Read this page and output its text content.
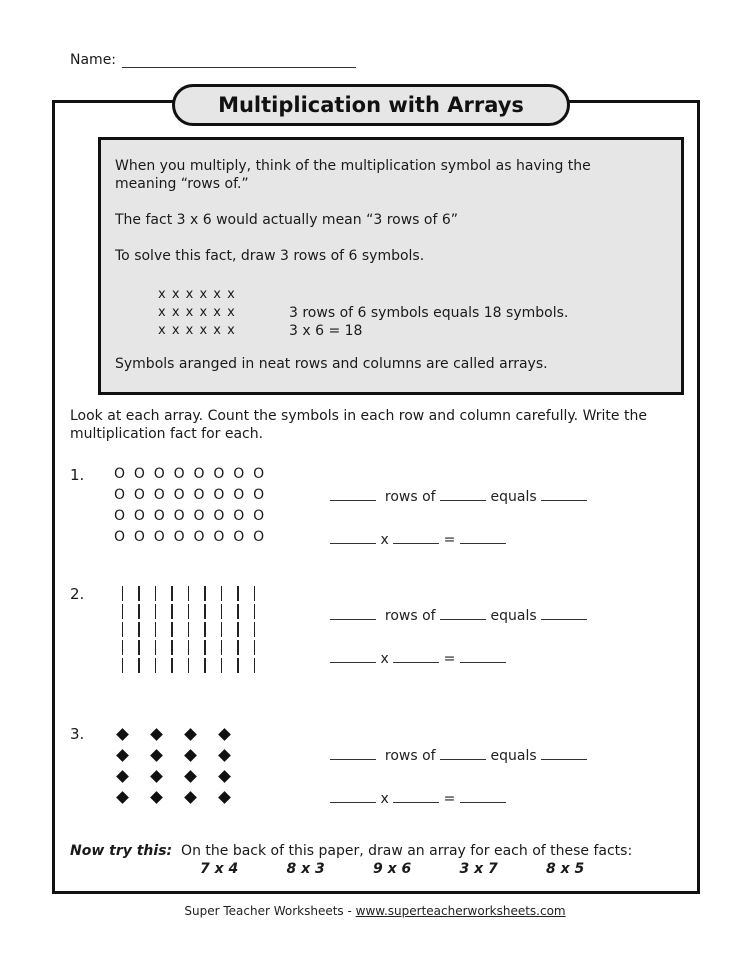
Name:
Multiplication with Arrays
When you multiply, think of the multiplication symbol as having the
meaning “rows of.”
The fact 3 x 6 would actually mean “3 rows of 6”
To solve this fact, draw 3 rows of 6 symbols.
x x x x x x
x x x x x x
x x x x x x
3 rows of 6 symbols equals 18 symbols.
3 x 6 = 18
Symbols aranged in neat rows and columns are called arrays.
Look at each array. Count the symbols in each row and column carefully. Write the multiplication fact for each.
1. O O O O O O O O
O O O O O O O O
O O O O O O O O
O O O O O O O O
rows of	equals
x	=
2.
rows of	equals
x	=
3.
rows of	equals
x	=
Now try this: On the back of this paper, draw an array for each of these facts:
7 x 4	8 x 3	9 x 6	3 x 7	8 x 5
Super Teacher Worksheets - www.superteacherworksheets.com
